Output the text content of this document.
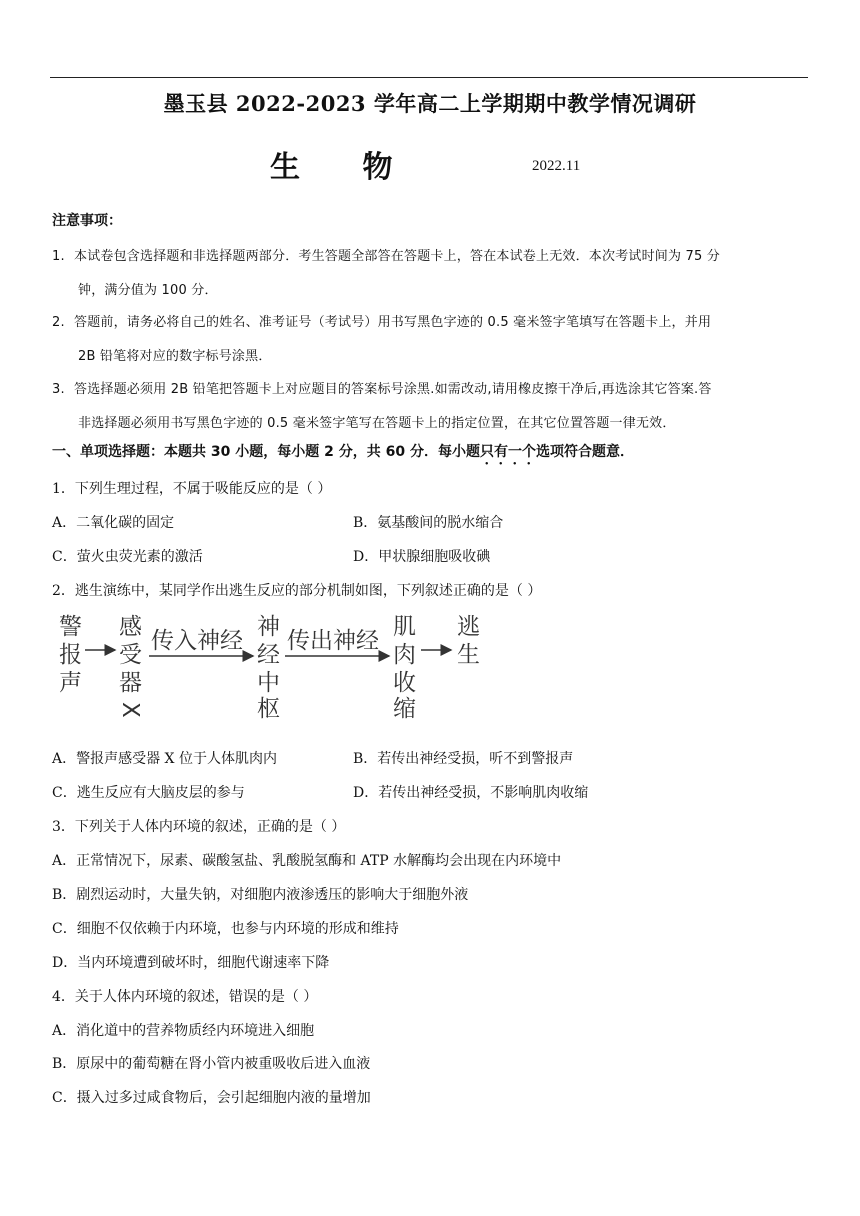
墨玉县 2022-2023 学年高二上学期期中教学情况调研
生 物	2022.11
注意事项：
1. 本试卷包含选择题和非选择题两部分．考生答题全部答在答题卡上，答在本试卷上无效．本次考试时间为 75 分
钟，满分值为 100 分．
2. 答题前，请务必将自己的姓名、准考证号（考试号）用书写黑色字迹的 0.5 毫米签字笔填写在答题卡上，并用
2B 铅笔将对应的数字标号涂黑．
3. 答选择题必须用 2B 铅笔把答题卡上对应题目的答案标号涂黑.如需改动,请用橡皮擦干净后,再选涂其它答案.答
非选择题必须用书写黑色字迹的 0.5 毫米签字笔写在答题卡上的指定位置，在其它位置答题一律无效．
一、单项选择题：本题共 30 小题，每小题 2 分，共 60 分．每小题只有一个选项符合题意．
1．下列生理过程，不属于吸能反应的是（ ）
A．二氧化碳的固定	B．氨基酸间的脱水缩合
C．萤火虫荧光素的激活	D．甲状腺细胞吸收碘
2．逃生演练中，某同学作出逃生反应的部分机制如图，下列叙述正确的是（ ）
警
报
声
感
受
器
X
传入神经
神
经
中
枢
传出神经
肌
肉
收
缩
逃
生
A．警报声感受器 X 位于人体肌肉内	B．若传出神经受损，听不到警报声
C．逃生反应有大脑皮层的参与	D．若传出神经受损，不影响肌肉收缩
3．下列关于人体内环境的叙述，正确的是（ ）
A．正常情况下，尿素、碳酸氢盐、乳酸脱氢酶和 ATP 水解酶均会出现在内环境中
B．剧烈运动时，大量失钠，对细胞内液渗透压的影响大于细胞外液
C．细胞不仅依赖于内环境，也参与内环境的形成和维持
D．当内环境遭到破坏时，细胞代谢速率下降
4．关于人体内环境的叙述，错误的是（ ）
A．消化道中的营养物质经内环境进入细胞
B．原尿中的葡萄糖在肾小管内被重吸收后进入血液
C．摄入过多过咸食物后，会引起细胞内液的量增加
